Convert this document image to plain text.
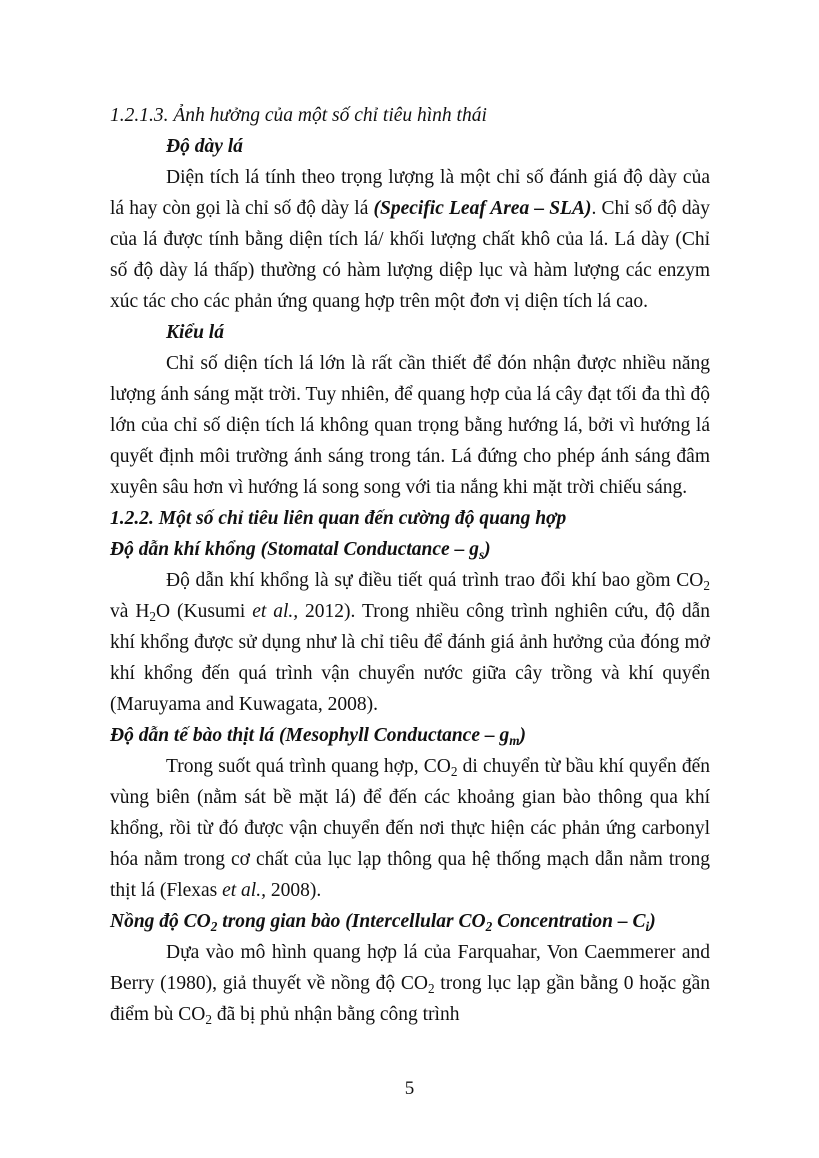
1.2.1.3. Ảnh hưởng của một số chỉ tiêu hình thái

Độ dày lá

Diện tích lá tính theo trọng lượng là một chỉ số đánh giá độ dày của lá hay còn gọi là chỉ số độ dày lá (Specific Leaf Area – SLA). Chỉ số độ dày của lá được tính bằng diện tích lá/ khối lượng chất khô của lá. Lá dày (Chỉ số độ dày lá thấp) thường có hàm lượng diệp lục và hàm lượng các enzym xúc tác cho các phản ứng quang hợp trên một đơn vị diện tích lá cao.

Kiểu lá

Chỉ số diện tích lá lớn là rất cần thiết để đón nhận được nhiều năng lượng ánh sáng mặt trời. Tuy nhiên, để quang hợp của lá cây đạt tối đa thì độ lớn của chỉ số diện tích lá không quan trọng bằng hướng lá, bởi vì hướng lá quyết định môi trường ánh sáng trong tán. Lá đứng cho phép ánh sáng đâm xuyên sâu hơn vì hướng lá song song với tia nắng khi mặt trời chiếu sáng.

1.2.2. Một số chỉ tiêu liên quan đến cường độ quang hợp

Độ dẫn khí khổng (Stomatal Conductance – $g_s$)

Độ dẫn khí khổng là sự điều tiết quá trình trao đổi khí bao gồm $CO_2$ và $H_2O$ (Kusumi et al., 2012). Trong nhiều công trình nghiên cứu, độ dẫn khí khổng được sử dụng như là chỉ tiêu để đánh giá ảnh hưởng của đóng mở khí khổng đến quá trình vận chuyển nước giữa cây trồng và khí quyển (Maruyama and Kuwagata, 2008).

Độ dẫn tế bào thịt lá (Mesophyll Conductance – $g_m$)

Trong suốt quá trình quang hợp, $CO_2$ di chuyển từ bầu khí quyển đến vùng biên (nằm sát bề mặt lá) để đến các khoảng gian bào thông qua khí khổng, rồi từ đó được vận chuyển đến nơi thực hiện các phản ứng carbonyl hóa nằm trong cơ chất của lục lạp thông qua hệ thống mạch dẫn nằm trong thịt lá (Flexas et al., 2008).

Nồng độ $CO_2$ trong gian bào (Intercellular $CO_2$ Concentration – $C_i$)

Dựa vào mô hình quang hợp lá của Farquahar, Von Caemmerer and Berry (1980), giả thuyết về nồng độ $CO_2$ trong lục lạp gần bằng 0 hoặc gần điểm bù $CO_2$ đã bị phủ nhận bằng công trình

5
